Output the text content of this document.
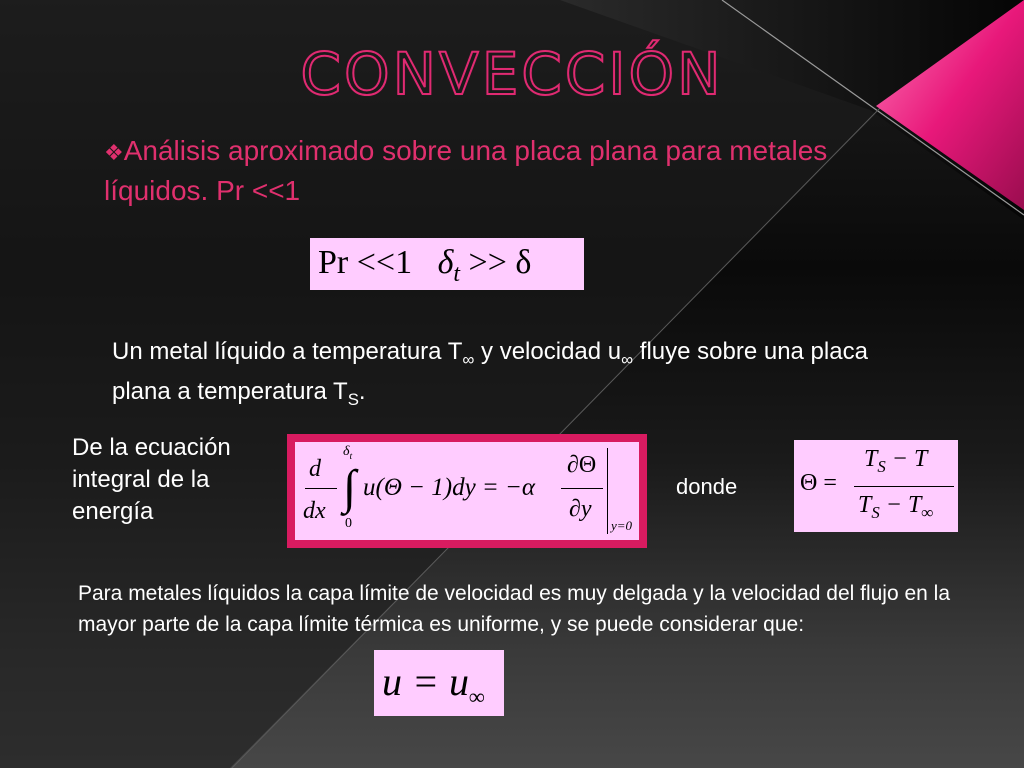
CONVECCIÓN
❖Análisis aproximado sobre una placa plana para metales líquidos. Pr <<1
Pr <<1 $\delta_t >> \delta$
Un metal líquido a temperatura $T_\infty$ y velocidad $u_\infty$ fluye sobre una placa plana a temperatura $T_S$.
De la ecuación integral de la energía
d
dx
$\delta_t$
∫
0
u(Θ − 1)dy = −α
∂Θ
∂y
y=0
donde	Θ =
$T_S - T$
$T_S - T_\infty$
Para metales líquidos la capa límite de velocidad es muy delgada y la velocidad del flujo en la mayor parte de la capa límite térmica es uniforme, y se puede considerar que:
$u = u_\infty$
